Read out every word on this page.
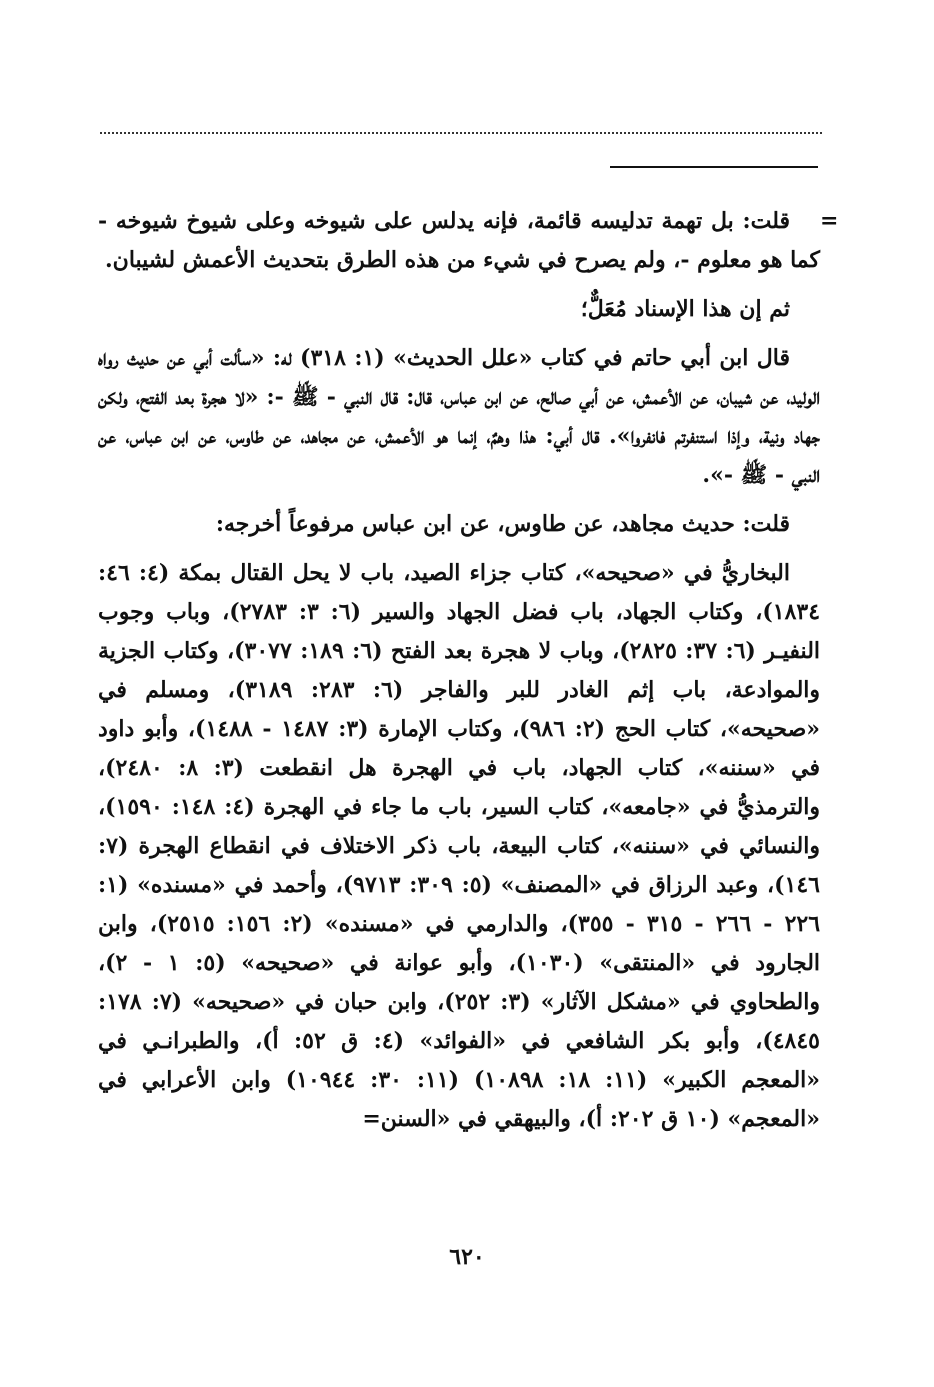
=

قلت: بل تهمة تدليسه قائمة، فإنه يدلس على شيوخه وعلى شيوخ شيوخه - كما هو معلوم -، ولم يصرح في شيء من هذه الطرق بتحديث الأعمش لشيبان.

ثم إن هذا الإسناد مُعَلٌّ؛

قال ابن أبي حاتم في كتاب «علل الحديث» (١: ٣١٨) له: «سألت أبي عن حديث رواه الوليد، عن شيبان، عن الأعمش، عن أبي صالح، عن ابن عباس، قال: قال النبي - ﷺ -: «لا هجرة بعد الفتح، ولكن جهاد ونية، وإذا استنفرتم فانفروا». قال أبي: هذا وهمٌ، إنما هو الأعمش، عن مجاهد، عن طاوس، عن ابن عباس، عن النبي - ﷺ -».

قلت: حديث مجاهد، عن طاوس، عن ابن عباس مرفوعاً أخرجه:

البخاريُّ في «صحيحه»، كتاب جزاء الصيد، باب لا يحل القتال بمكة (٤: ٤٦: ١٨٣٤)، وكتاب الجهاد، باب فضل الجهاد والسير (٦: ٣: ٢٧٨٣)، وباب وجوب النفيـر (٦: ٣٧: ٢٨٢٥)، وباب لا هجرة بعد الفتح (٦: ١٨٩: ٣٠٧٧)، وكتاب الجزية والموادعة، باب إثم الغادر للبر والفاجر (٦: ٢٨٣: ٣١٨٩)، ومسلم في «صحيحه»، كتاب الحج (٢: ٩٨٦)، وكتاب الإمارة (٣: ١٤٨٧ - ١٤٨٨)، وأبو داود في «سننه»، كتاب الجهاد، باب في الهجرة هل انقطعت (٣: ٨: ٢٤٨٠)، والترمذيُّ في «جامعه»، كتاب السير، باب ما جاء في الهجرة (٤: ١٤٨: ١٥٩٠)، والنسائي في «سننه»، كتاب البيعة، باب ذكر الاختلاف في انقطاع الهجرة (٧: ١٤٦)، وعبد الرزاق في «المصنف» (٥: ٣٠٩: ٩٧١٣)، وأحمد في «مسنده» (١: ٢٢٦ - ٢٦٦ - ٣١٥ - ٣٥٥)، والدارمي في «مسنده» (٢: ١٥٦: ٢٥١٥)، وابن الجارود في «المنتقى» (١٠٣٠)، وأبو عوانة في «صحيحه» (٥: ١ - ٢)، والطحاوي في «مشكل الآثار» (٣: ٢٥٢)، وابن حبان في «صحيحه» (٧: ١٧٨: ٤٨٤٥)، وأبو بكر الشافعي في «الفوائد» (٤: ق ٥٢: أ)، والطبرانـي في «المعجم الكبير» (١١: ١٨: ١٠٨٩٨) (١١: ٣٠: ١٠٩٤٤) وابن الأعرابي في «المعجم» (١٠ ق ٢٠٢: أ)، والبيهقي في «السنن=

٦٢٠
